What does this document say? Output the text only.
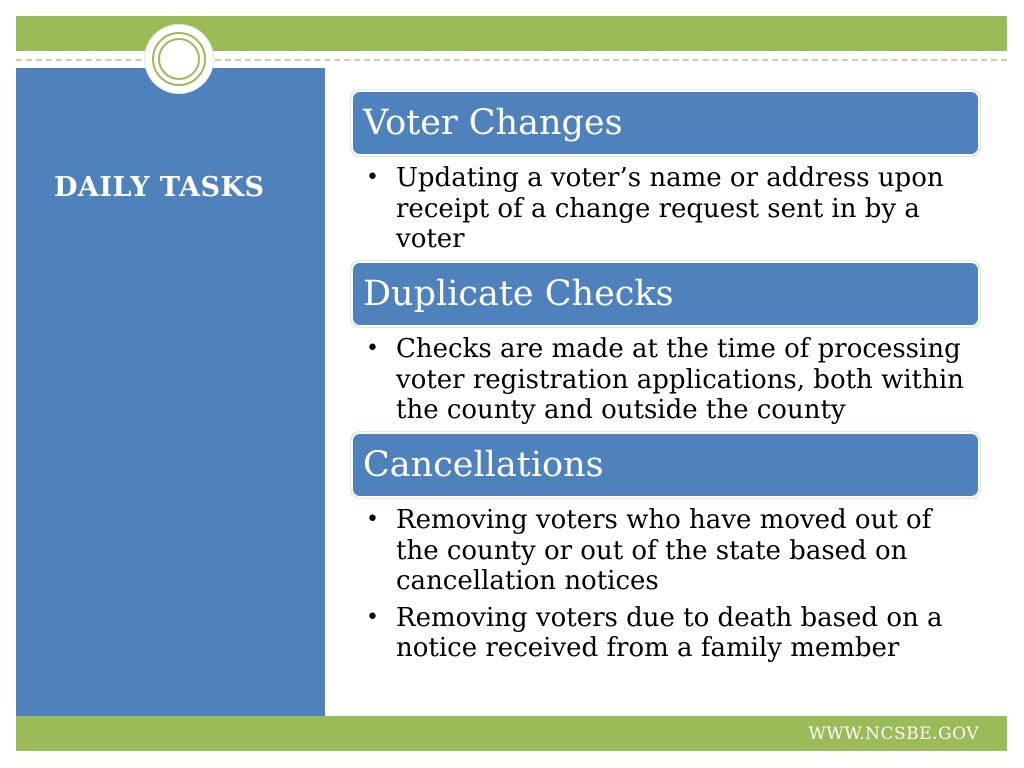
DAILY TASKS
Voter Changes
• Updating a voter’s name or address upon receipt of a change request sent in by a voter
Duplicate Checks
• Checks are made at the time of processing voter registration applications, both within the county and outside the county
Cancellations
• Removing voters who have moved out of the county or out of the state based on cancellation notices
• Removing voters due to death based on a notice received from a family member
WWW.NCSBE.GOV
